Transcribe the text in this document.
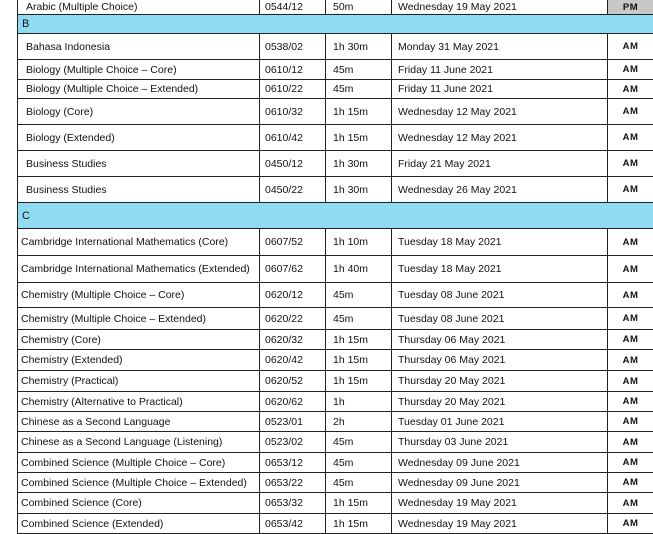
Arabic (Multiple Choice)	0544/12	50m	Wednesday 19 May 2021	PM
B
Bahasa Indonesia	0538/02	1h 30m	Monday 31 May 2021	AM
Biology (Multiple Choice – Core)	0610/12	45m	Friday 11 June 2021	AM
Biology (Multiple Choice – Extended)	0610/22	45m	Friday 11 June 2021	AM
Biology (Core)	0610/32	1h 15m	Wednesday 12 May 2021	AM
Biology (Extended)	0610/42	1h 15m	Wednesday 12 May 2021	AM
Business Studies	0450/12	1h 30m	Friday 21 May 2021	AM
Business Studies	0450/22	1h 30m	Wednesday 26 May 2021	AM
C
Cambridge International Mathematics (Core)	0607/52	1h 10m	Tuesday 18 May 2021	AM
Cambridge International Mathematics (Extended)	0607/62	1h 40m	Tuesday 18 May 2021	AM
Chemistry (Multiple Choice – Core)	0620/12	45m	Tuesday 08 June 2021	AM
Chemistry (Multiple Choice – Extended)	0620/22	45m	Tuesday 08 June 2021	AM
Chemistry (Core)	0620/32	1h 15m	Thursday 06 May 2021	AM
Chemistry (Extended)	0620/42	1h 15m	Thursday 06 May 2021	AM
Chemistry (Practical)	0620/52	1h 15m	Thursday 20 May 2021	AM
Chemistry (Alternative to Practical)	0620/62	1h	Thursday 20 May 2021	AM
Chinese as a Second Language	0523/01	2h	Tuesday 01 June 2021	AM
Chinese as a Second Language (Listening)	0523/02	45m	Thursday 03 June 2021	AM
Combined Science (Multiple Choice – Core)	0653/12	45m	Wednesday 09 June 2021	AM
Combined Science (Multiple Choice – Extended)	0653/22	45m	Wednesday 09 June 2021	AM
Combined Science (Core)	0653/32	1h 15m	Wednesday 19 May 2021	AM
Combined Science (Extended)	0653/42	1h 15m	Wednesday 19 May 2021	AM
